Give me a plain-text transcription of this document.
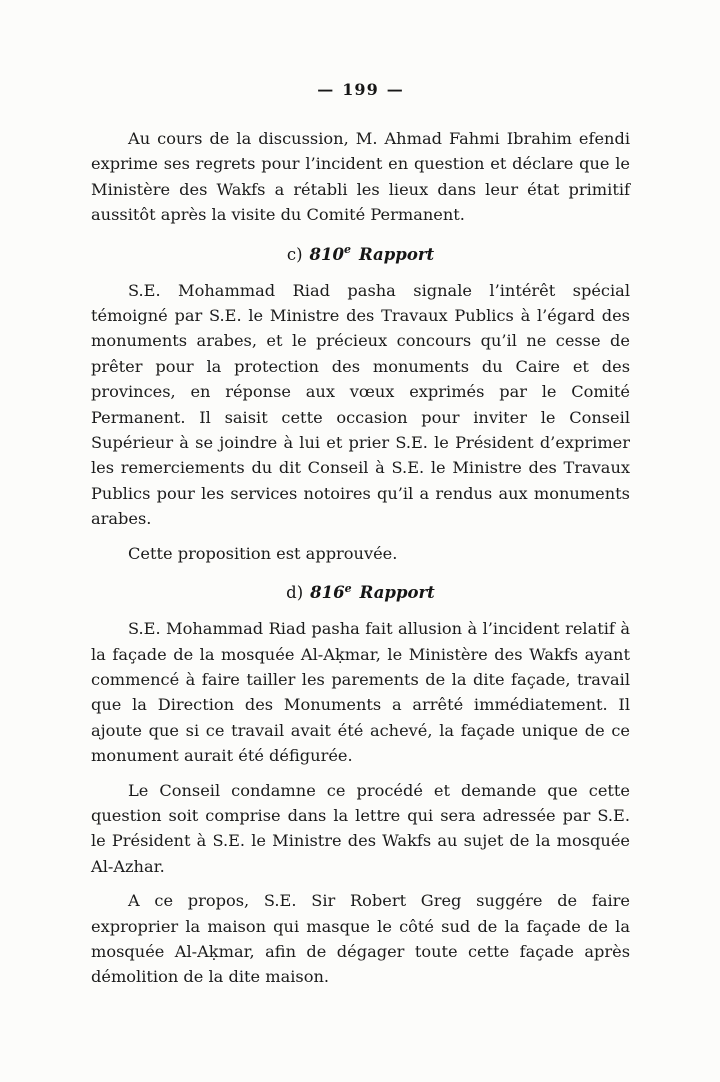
— 199 —

Au cours de la discussion, M. Ahmad Fahmi Ibrahim efendi exprime ses regrets pour l’incident en question et déclare que le Ministère des Wakfs a rétabli les lieux dans leur état primitif aussitôt après la visite du Comité Permanent.

c) 810e Rapport

S.E. Mohammad Riad pasha signale l’intérêt spécial témoigné par S.E. le Ministre des Travaux Publics à l’égard des monuments arabes, et le précieux concours qu’il ne cesse de prêter pour la protection des monuments du Caire et des provinces, en réponse aux vœux exprimés par le Comité Permanent. Il saisit cette occasion pour inviter le Conseil Supérieur à se joindre à lui et prier S.E. le Président d’exprimer les remerciements du dit Conseil à S.E. le Ministre des Travaux Publics pour les services notoires qu’il a rendus aux monuments arabes.

Cette proposition est approuvée.

d) 816e Rapport

S.E. Mohammad Riad pasha fait allusion à l’incident relatif à la façade de la mosquée Al-Aḳmar, le Ministère des Wakfs ayant commencé à faire tailler les parements de la dite façade, travail que la Direction des Monuments a arrêté immédiatement. Il ajoute que si ce travail avait été achevé, la façade unique de ce monument aurait été défigurée.

Le Conseil condamne ce procédé et demande que cette question soit comprise dans la lettre qui sera adressée par S.E. le Président à S.E. le Ministre des Wakfs au sujet de la mosquée Al-Azhar.

A ce propos, S.E. Sir Robert Greg suggére de faire exproprier la maison qui masque le côté sud de la façade de la mosquée Al-Aḳmar, afin de dégager toute cette façade après démolition de la dite maison.
